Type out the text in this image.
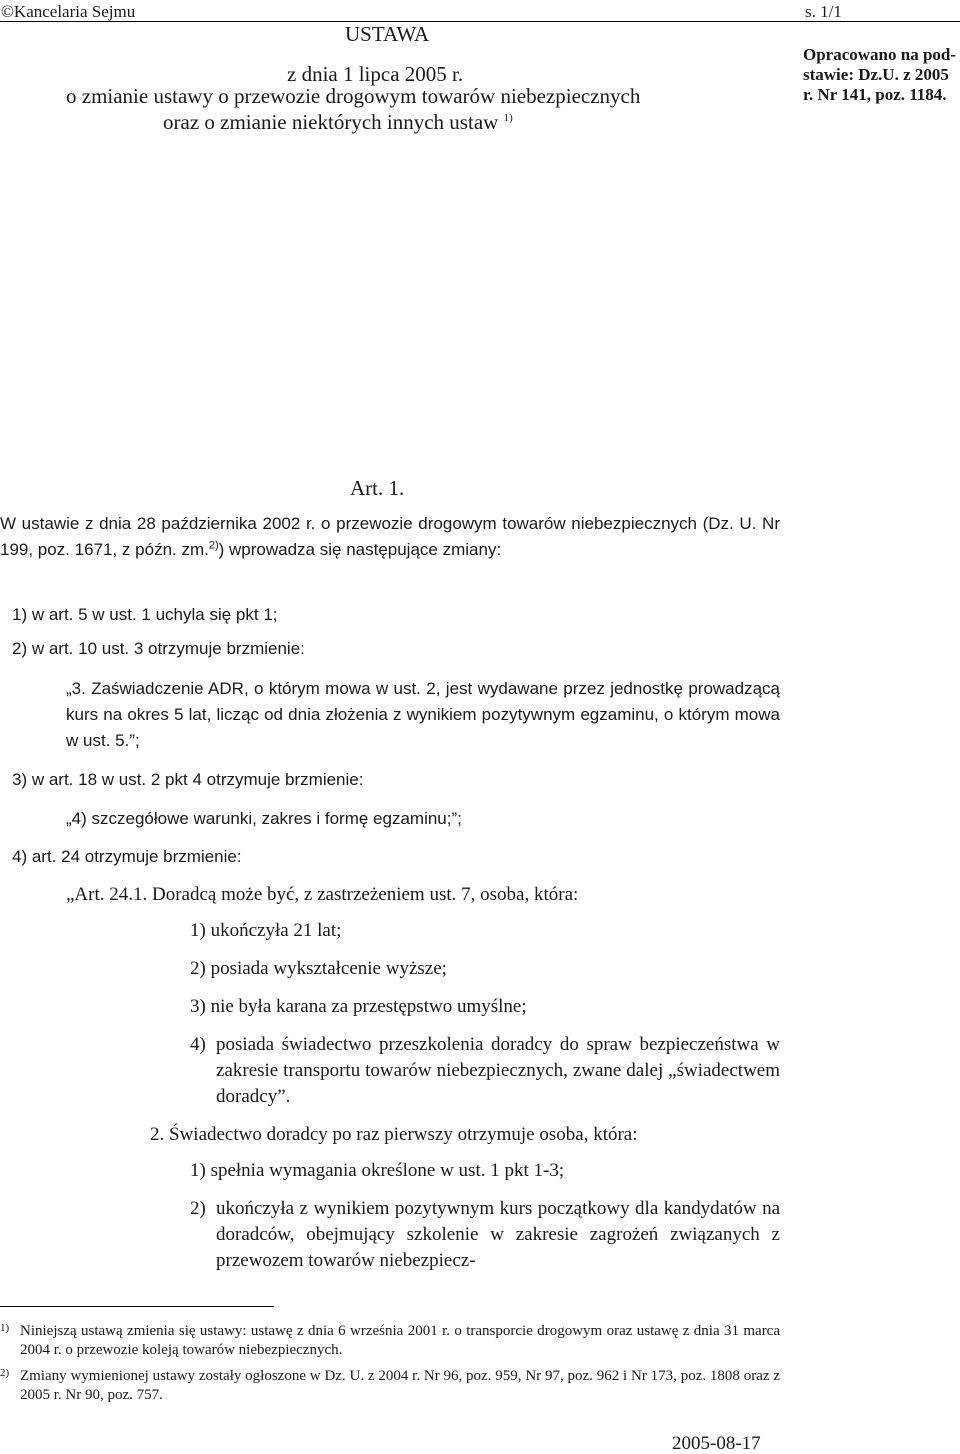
©Kancelaria Sejmu	s. 1/1
USTAWA
z dnia 1 lipca 2005 r.
o zmianie ustawy o przewozie drogowym towarów niebezpiecznych
oraz o zmianie niektórych innych ustaw $^{1)}$
Opracowano na pod-
stawie: Dz.U. z 2005
r. Nr 141, poz. 1184.
Art. 1.
W ustawie z dnia 28 października 2002 r. o przewozie drogowym towarów niebezpiecznych (Dz. U. Nr 199, poz. 1671, z późn. zm.$^{2)}$) wprowadza się następujące zmiany:
1) w art. 5 w ust. 1 uchyla się pkt 1;
2) w art. 10 ust. 3 otrzymuje brzmienie:
„3. Zaświadczenie ADR, o którym mowa w ust. 2, jest wydawane przez jednostkę prowadzącą kurs na okres 5 lat, licząc od dnia złożenia z wynikiem pozytywnym egzaminu, o którym mowa w ust. 5.”;
3) w art. 18 w ust. 2 pkt 4 otrzymuje brzmienie:
„4) szczegółowe warunki, zakres i formę egzaminu;”;
4) art. 24 otrzymuje brzmienie:
„Art. 24.1. Doradcą może być, z zastrzeżeniem ust. 7, osoba, która:
1) ukończyła 21 lat;
2) posiada wykształcenie wyższe;
3) nie była karana za przestępstwo umyślne;
4) posiada świadectwo przeszkolenia doradcy do spraw bezpieczeństwa w zakresie transportu towarów niebezpiecznych, zwane dalej „świadectwem doradcy”.
2. Świadectwo doradcy po raz pierwszy otrzymuje osoba, która:
1) spełnia wymagania określone w ust. 1 pkt 1-3;
2) ukończyła z wynikiem pozytywnym kurs początkowy dla kandydatów na doradców, obejmujący szkolenie w zakresie zagrożeń związanych z przewozem towarów niebezpiecz-
1) Niniejszą ustawą zmienia się ustawy: ustawę z dnia 6 września 2001 r. o transporcie drogowym oraz ustawę z dnia 31 marca 2004 r. o przewozie koleją towarów niebezpiecznych.
2) Zmiany wymienionej ustawy zostały ogłoszone w Dz. U. z 2004 r. Nr 96, poz. 959, Nr 97, poz. 962 i Nr 173, poz. 1808 oraz z 2005 r. Nr 90, poz. 757.
2005-08-17
